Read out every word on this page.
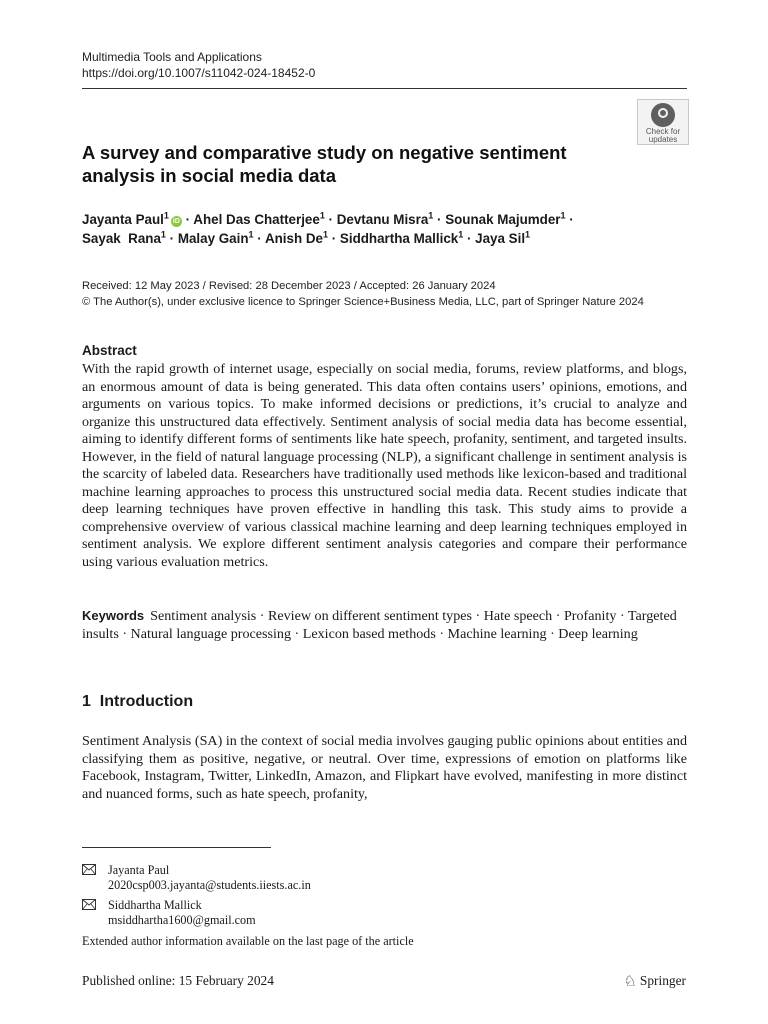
Multimedia Tools and Applications
https://doi.org/10.1007/s11042-024-18452-0
Check for
updates
A survey and comparative study on negative sentiment analysis in social media data
Jayanta Paul$^1$iD · Ahel Das Chatterjee$^1$ · Devtanu Misra$^1$ · Sounak Majumder$^1$ ·
Sayak  Rana$^1$ · Malay Gain$^1$ · Anish $De^1$ · Siddhartha Mallick$^1$ · Jaya Sil$^1$
Received: 12 May 2023 / Revised: 28 December 2023 / Accepted: 26 January 2024
© The Author(s), under exclusive licence to Springer Science+Business Media, LLC, part of Springer Nature 2024
Abstract
With the rapid growth of internet usage, especially on social media, forums, review platforms, and blogs, an enormous amount of data is being generated. This data often contains users’ opinions, emotions, and arguments on various topics. To make informed decisions or predictions, it’s crucial to analyze and organize this unstructured data effectively. Sentiment analysis of social media data has become essential, aiming to identify different forms of sentiments like hate speech, profanity, sentiment, and targeted insults. However, in the field of natural language processing (NLP), a significant challenge in sentiment analysis is the scarcity of labeled data. Researchers have traditionally used methods like lexicon-based and traditional machine learning approaches to process this unstructured social media data. Recent studies indicate that deep learning techniques have proven effective in handling this task. This study aims to provide a comprehensive overview of various classical machine learning and deep learning techniques employed in sentiment analysis. We explore different sentiment analysis categories and compare their performance using various evaluation metrics.
Keywords Sentiment analysis · Review on different sentiment types · Hate speech · Profanity · Targeted insults · Natural language processing · Lexicon based methods · Machine learning · Deep learning
1  Introduction
Sentiment Analysis (SA) in the context of social media involves gauging public opinions about entities and classifying them as positive, negative, or neutral. Over time, expressions of emotion on platforms like Facebook, Instagram, Twitter, LinkedIn, Amazon, and Flipkart have evolved, manifesting in more distinct and nuanced forms, such as hate speech, profanity,
Jayanta Paul
2020csp003.jayanta@students.iiests.ac.in
Siddhartha Mallick
msiddhartha1600@gmail.com
Extended author information available on the last page of the article
Published online: 15 February 2024	♘ Springer
